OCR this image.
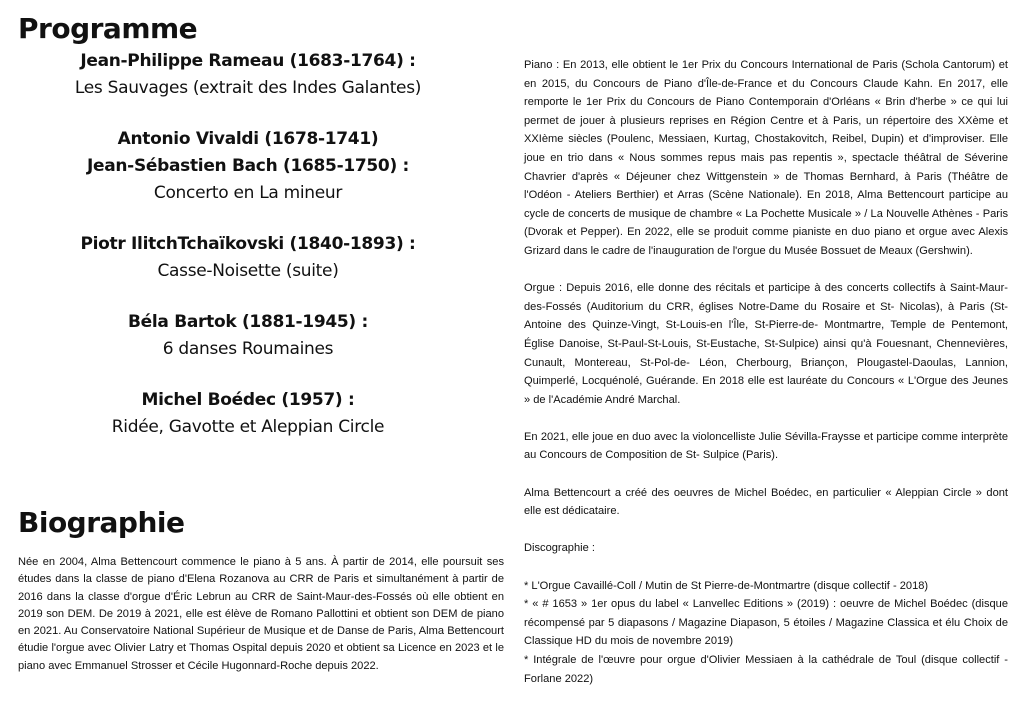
Programme
Jean-Philippe Rameau (1683-1764) :
Les Sauvages (extrait des Indes Galantes)
Antonio Vivaldi (1678-1741)
Jean-Sébastien Bach (1685-1750) :
Concerto en La mineur
Piotr IlitchTchaïkovski (1840-1893) :
Casse-Noisette (suite)
Béla Bartok (1881-1945) :
6 danses Roumaines
Michel Boédec (1957) :
Ridée, Gavotte et Aleppian Circle
Biographie

Née en 2004, Alma Bettencourt commence le piano à 5 ans. À partir de 2014, elle poursuit ses études dans la classe de piano d'Elena Rozanova au CRR de Paris et simultanément à partir de 2016 dans la classe d'orgue d'Éric Lebrun au CRR de Saint-Maur-des-Fossés où elle obtient en 2019 son DEM. De 2019 à 2021, elle est élève de Romano Pallottini et obtient son DEM de piano en 2021. Au Conservatoire National Supérieur de Musique et de Danse de Paris, Alma Bettencourt étudie l'orgue avec Olivier Latry et Thomas Ospital depuis 2020 et obtient sa Licence en 2023 et le piano avec Emmanuel Strosser et Cécile Hugonnard-Roche depuis 2022.

Piano : En 2013, elle obtient le 1er Prix du Concours International de Paris (Schola Cantorum) et en 2015, du Concours de Piano d'Île-de-France et du Concours Claude Kahn. En 2017, elle remporte le 1er Prix du Concours de Piano Contemporain d'Orléans « Brin d'herbe » ce qui lui permet de jouer à plusieurs reprises en Région Centre et à Paris, un répertoire des XXème et XXIème siècles (Poulenc, Messiaen, Kurtag, Chostakovitch, Reibel, Dupin) et d'improviser. Elle joue en trio dans « Nous sommes repus mais pas repentis », spectacle théâtral de Séverine Chavrier d'après « Déjeuner chez Wittgenstein » de Thomas Bernhard, à Paris (Théâtre de l'Odéon - Ateliers Berthier) et Arras (Scène Nationale). En 2018, Alma Bettencourt participe au cycle de concerts de musique de chambre « La Pochette Musicale » / La Nouvelle Athènes - Paris (Dvorak et Pepper). En 2022, elle se produit comme pianiste en duo piano et orgue avec Alexis Grizard dans le cadre de l'inauguration de l'orgue du Musée Bossuet de Meaux (Gershwin).

Orgue : Depuis 2016, elle donne des récitals et participe à des concerts collectifs à Saint-Maur-des-Fossés (Auditorium du CRR, églises Notre-Dame du Rosaire et St- Nicolas), à Paris (St-Antoine des Quinze-Vingt, St-Louis-en l'Île, St-Pierre-de- Montmartre, Temple de Pentemont, Église Danoise, St-Paul-St-Louis, St-Eustache, St-Sulpice) ainsi qu'à Fouesnant, Chennevières, Cunault, Montereau, St-Pol-de- Léon, Cherbourg, Briançon, Plougastel-Daoulas, Lannion, Quimperlé, Locquénolé, Guérande. En 2018 elle est lauréate du Concours « L'Orgue des Jeunes » de l'Académie André Marchal.

En 2021, elle joue en duo avec la violoncelliste Julie Sévilla-Fraysse et participe comme interprète au Concours de Composition de St- Sulpice (Paris).

Alma Bettencourt a créé des oeuvres de Michel Boédec, en particulier « Aleppian Circle » dont elle est dédicataire.

Discographie :

* L'Orgue Cavaillé-Coll / Mutin de St Pierre-de-Montmartre (disque collectif - 2018)

* « # 1653 » 1er opus du label « Lanvellec Editions » (2019) : oeuvre de Michel Boédec (disque récompensé par 5 diapasons / Magazine Diapason, 5 étoiles / Magazine Classica et élu Choix de Classique HD du mois de novembre 2019)

* Intégrale de l'œuvre pour orgue d'Olivier Messiaen à la cathédrale de Toul (disque collectif - Forlane 2022)
